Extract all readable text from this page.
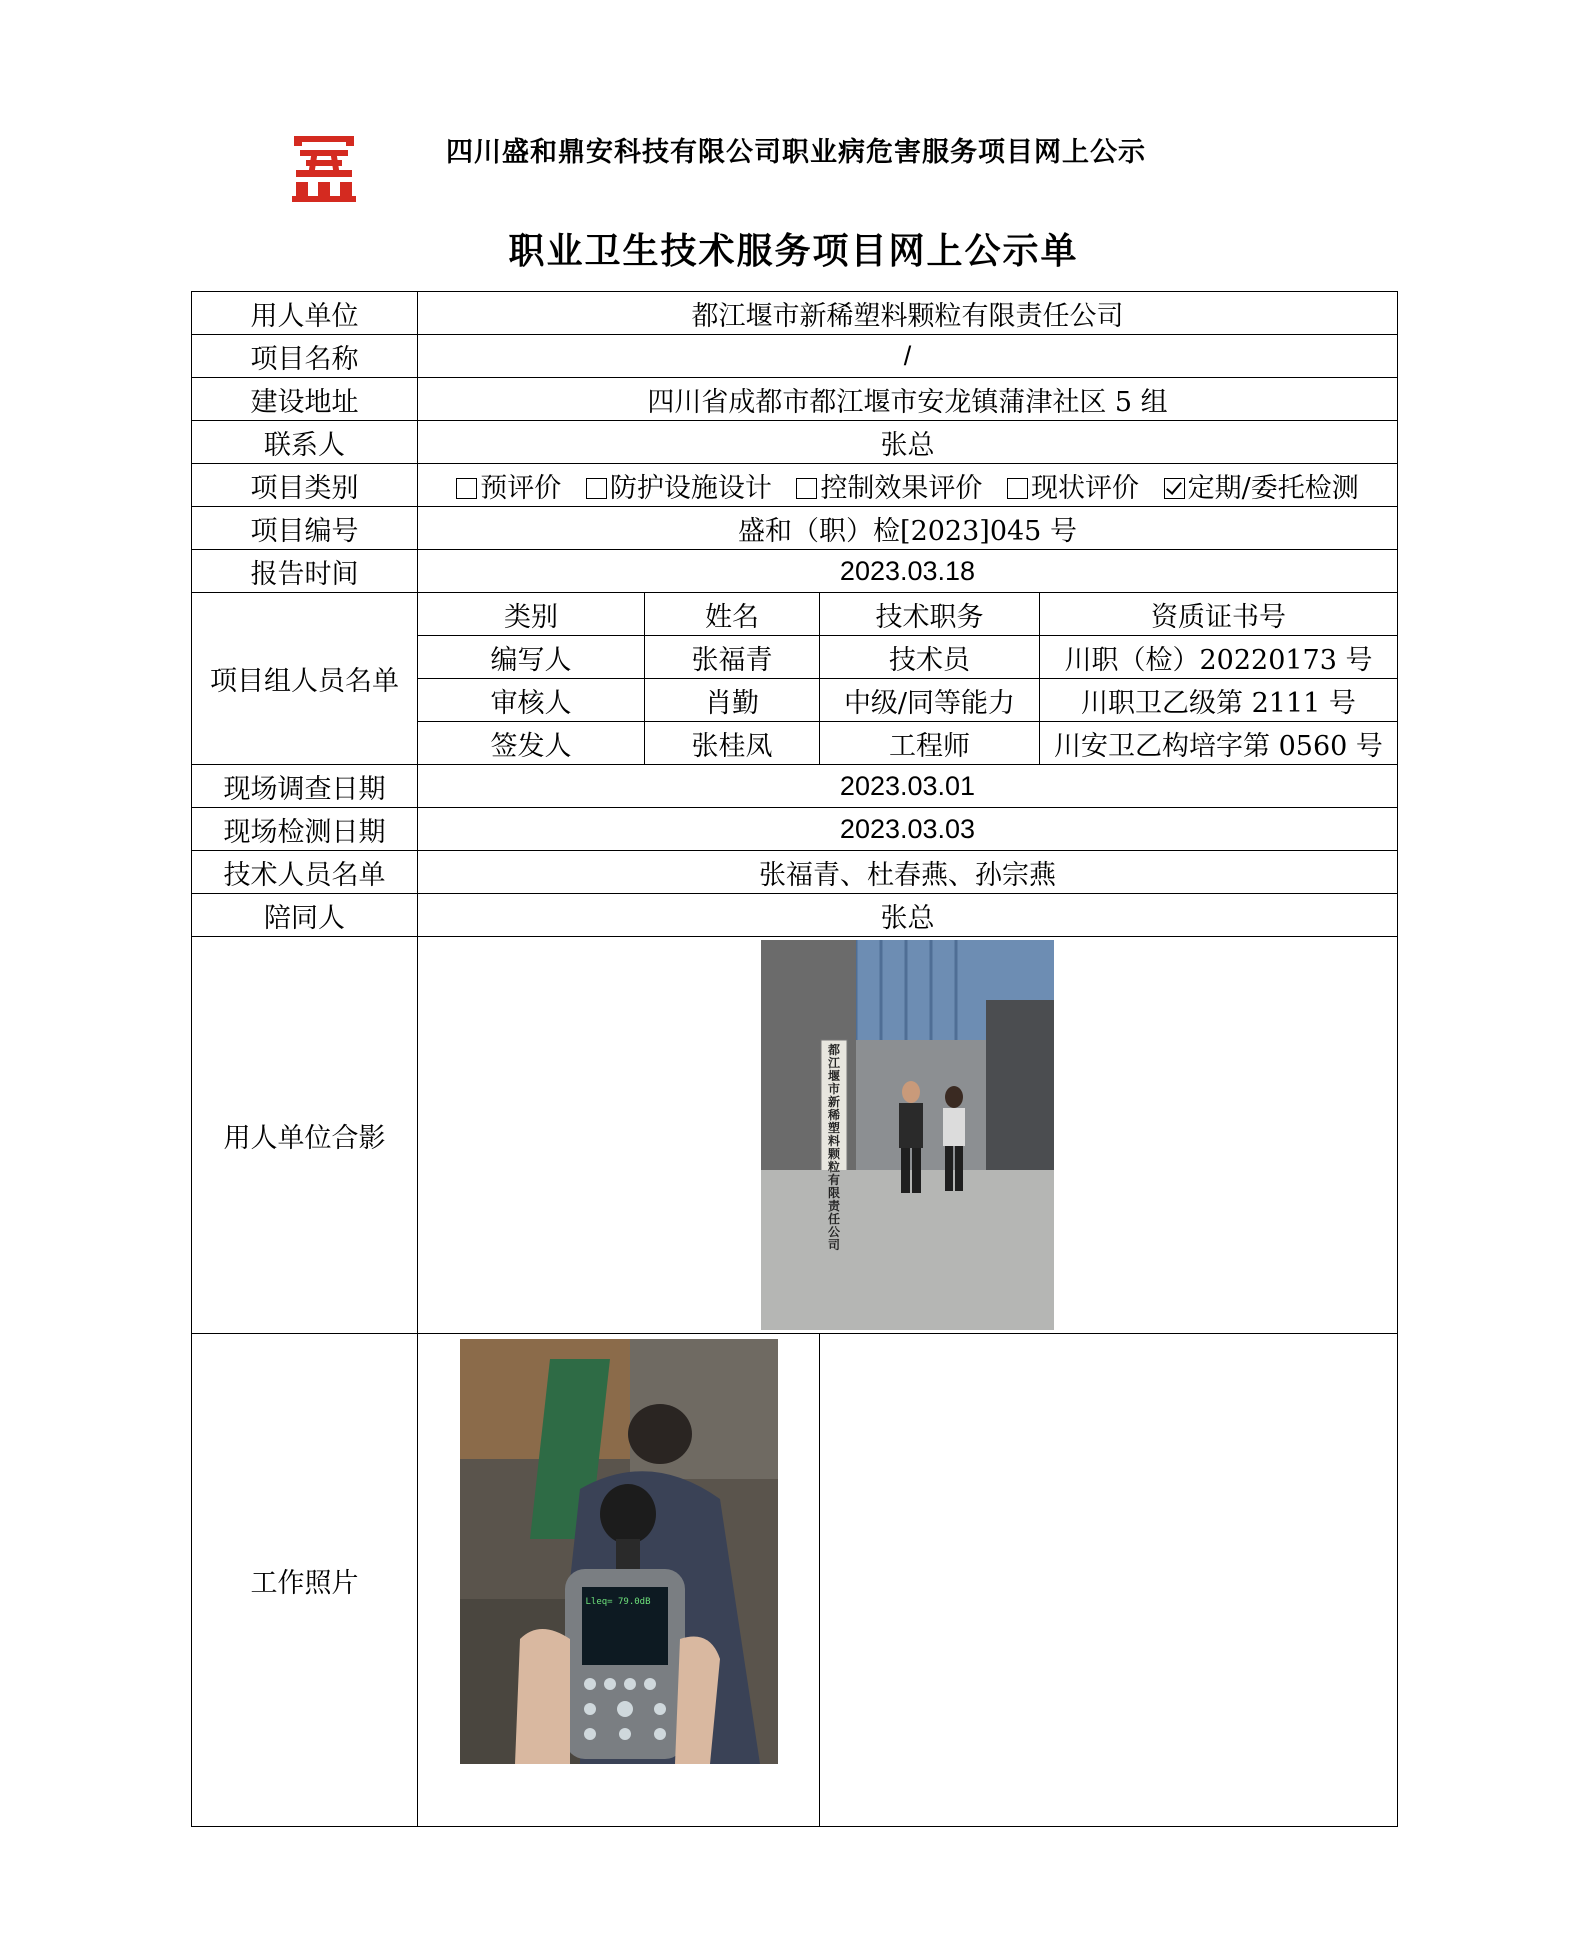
四川盛和鼎安科技有限公司职业病危害服务项目网上公示
职业卫生技术服务项目网上公示单
用人单位	都江堰市新稀塑料颗粒有限责任公司			
项目名称	/			
建设地址	四川省成都市都江堰市安龙镇蒲津社区 5 组			
联系人	张总			
项目类别	预评价 防护设施设计 控制效果评价 现状评价 定期/委托检测			
项目编号	盛和（职）检[2023]045 号			
报告时间	2023.03.18			
项目组人员名单	类别	姓名	技术职务	资质证书号
	编写人	张福青	技术员	川职（检）20220173 号
	审核人	肖勤	中级/同等能力	川职卫乙级第 2111 号
	签发人	张桂凤	工程师	川安卫乙构培字第 0560 号
现场调查日期	2023.03.01			
现场检测日期	2023.03.03			
技术人员名单	张福青、杜春燕、孙宗燕			
陪同人	张总			
用人单位合影	都江堰市新稀塑料颗粒有限责任公司			

工作照片	Lleq= 79.0dB			
